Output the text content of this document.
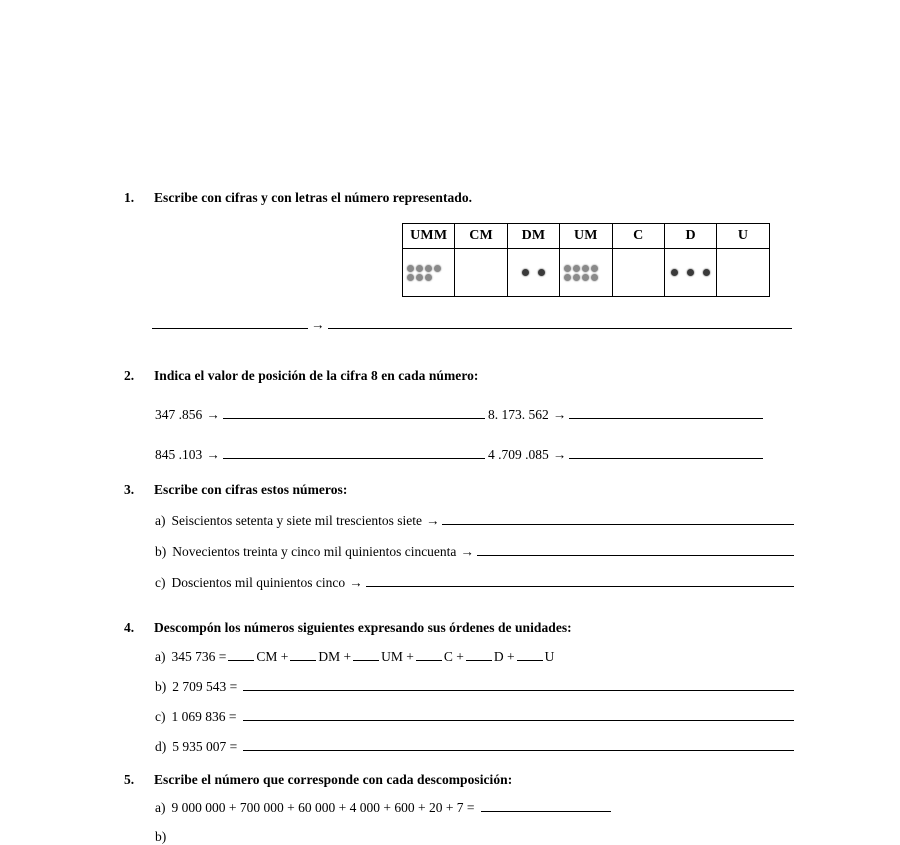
1.	Escribe con cifras y con letras el número representado.
UMM	CM	DM	UM	C	D	U

→
2.	Indica el valor de posición de la cifra 8 en cada número:
347 .856 →	8. 173. 562 →
845 .103 →	4 .709 .085 →
3.	Escribe con cifras estos números:
a) Seiscientos setenta y siete mil trescientos siete →
b) Novecientos treinta y cinco mil quinientos cincuenta →
c) Doscientos mil quinientos cinco →
4.	Descompón los números siguientes expresando sus órdenes de unidades:
a) 345 736 = CM + DM + UM + C + D + U
b) 2 709 543 =
c) 1 069 836 =
d) 5 935 007 =
5.	Escribe el número que corresponde con cada descomposición:
a) 9 000 000 + 700 000 + 60 000 + 4 000 + 600 + 20 + 7 =
b)
